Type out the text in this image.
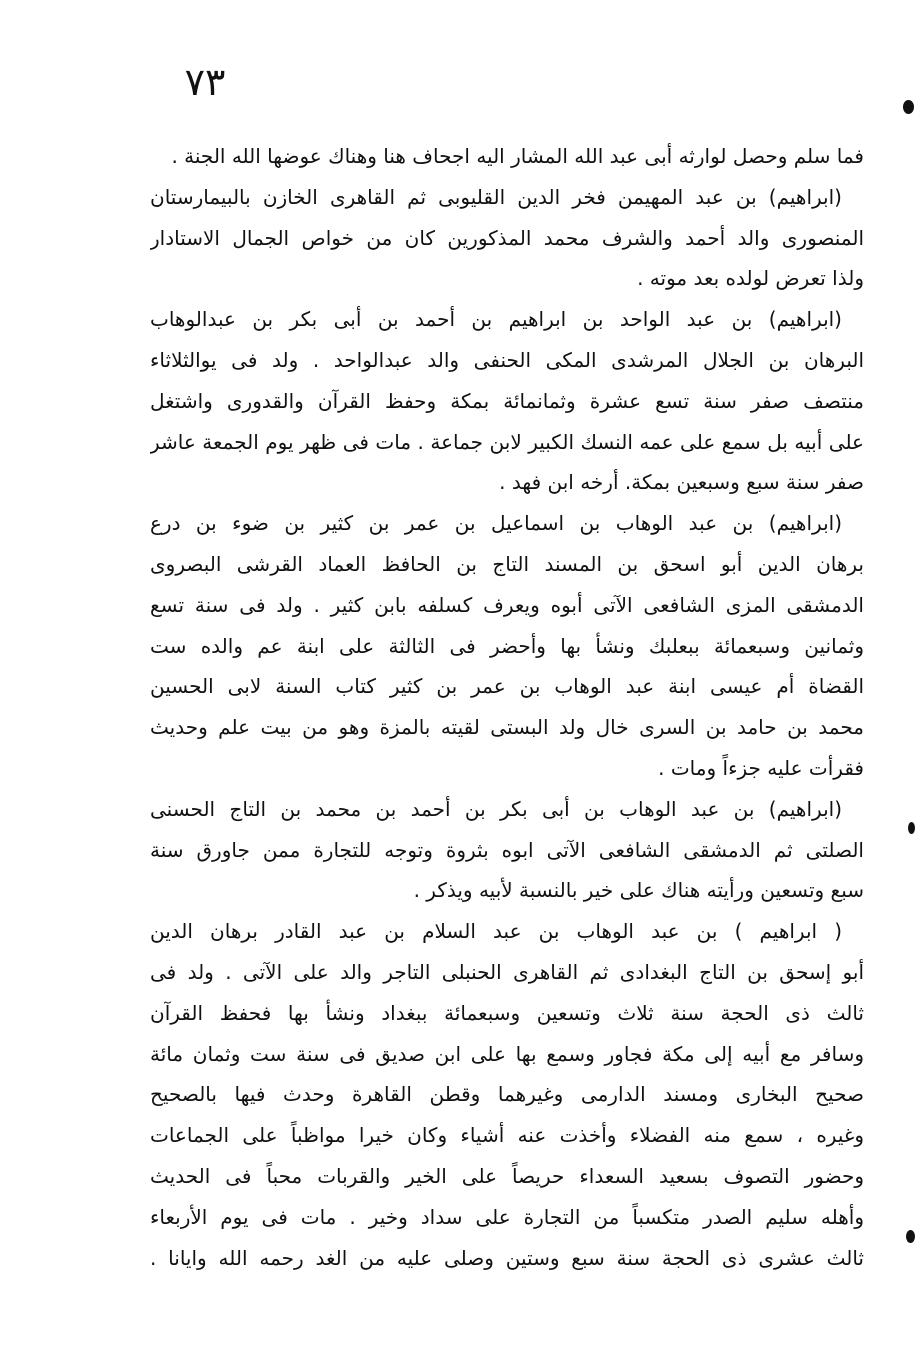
٧٣
فما سلم وحصل لوارثه أبى عبد الله المشار اليه اجحاف هنا وهناك عوضها الله الجنة .
(ابراهيم) بن عبد المهيمن فخر الدين القليوبى ثم القاهرى الخازن بالبيمارستان
المنصورى والد أحمد والشرف محمد المذكورين كان من خواص الجمال الاستادار
ولذا تعرض لولده بعد موته .
(ابراهيم) بن عبد الواحد بن ابراهيم بن أحمد بن أبى بكر بن عبدالوهاب
البرهان بن الجلال المرشدى المكى الحنفى والد عبدالواحد . ولد فى يوالثلاثاء
منتصف صفر سنة تسع عشرة وثمانمائة بمكة وحفظ القرآن والقدورى واشتغل
على أبيه بل سمع على عمه النسك الكبير لابن جماعة . مات فى ظهر يوم الجمعة عاشر
صفر سنة سبع وسبعين بمكة. أرخه ابن فهد .
(ابراهيم) بن عبد الوهاب بن اسماعيل بن عمر بن كثير بن ضوء بن درع
برهان الدين أبو اسحق بن المسند التاج بن الحافظ العماد القرشى البصروى
الدمشقى المزى الشافعى الآتى أبوه ويعرف كسلفه بابن كثير . ولد فى سنة تسع
وثمانين وسبعمائة ببعلبك ونشأ بها وأحضر فى الثالثة على ابنة عم والده ست
القضاة أم عيسى ابنة عبد الوهاب بن عمر بن كثير كتاب السنة لابى الحسين
محمد بن حامد بن السرى خال ولد البستى لقيته بالمزة وهو من بيت علم وحديث
فقرأت عليه جزءاً ومات .
(ابراهيم) بن عبد الوهاب بن أبى بكر بن أحمد بن محمد بن التاج الحسنى
الصلتى ثم الدمشقى الشافعى الآتى ابوه بثروة وتوجه للتجارة ممن جاورق سنة
سبع وتسعين ورأيته هناك على خير بالنسبة لأبيه ويذكر .
( ابراهيم ) بن عبد الوهاب بن عبد السلام بن عبد القادر برهان الدين
أبو إسحق بن التاج البغدادى ثم القاهرى الحنبلى التاجر والد على الآتى . ولد فى
ثالث ذى الحجة سنة ثلاث وتسعين وسبعمائة ببغداد ونشأ بها فحفظ القرآن
وسافر مع أبيه إلى مكة فجاور وسمع بها على ابن صديق فى سنة ست وثمان مائة
صحيح البخارى ومسند الدارمى وغيرهما وقطن القاهرة وحدث فيها بالصحيح
وغيره ، سمع منه الفضلاء وأخذت عنه أشياء وكان خيرا مواظباً على الجماعات
وحضور التصوف بسعيد السعداء حريصاً على الخير والقربات محباً فى الحديث
وأهله سليم الصدر متكسباً من التجارة على سداد وخير . مات فى يوم الأربعاء
ثالث عشرى ذى الحجة سنة سبع وستين وصلى عليه من الغد رحمه الله وايانا .
